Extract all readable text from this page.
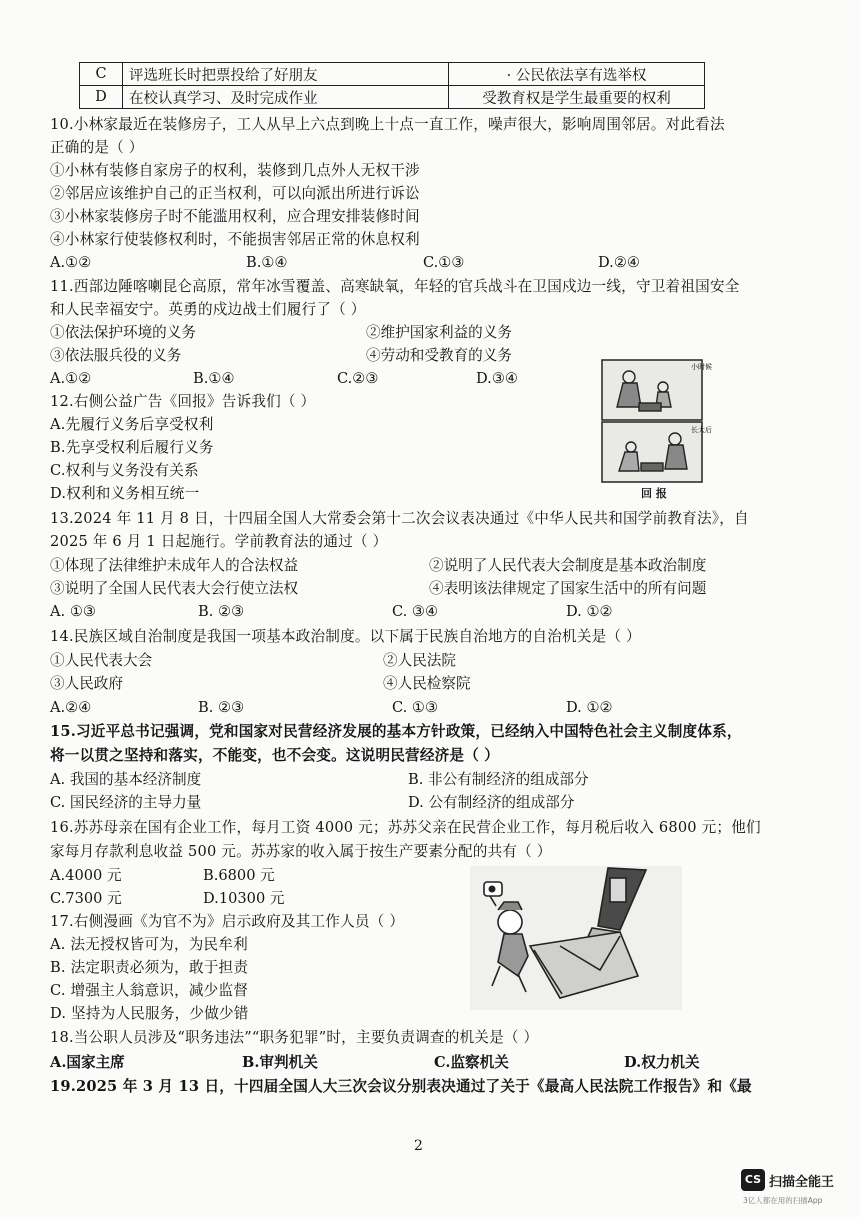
C	评选班长时把票投给了好朋友	· 公民依法享有选举权
D	在校认真学习、及时完成作业	受教育权是学生最重要的权利
10.小林家最近在装修房子，工人从早上六点到晚上十点一直工作，噪声很大，影响周围邻居。对此看法
正确的是（ ）
①小林有装修自家房子的权利，装修到几点外人无权干涉
②邻居应该维护自己的正当权利，可以向派出所进行诉讼
③小林家装修房子时不能滥用权利，应合理安排装修时间
④小林家行使装修权利时，不能损害邻居正常的休息权利
A.①②	B.①④	C.①③	D.②④
11.西部边陲喀喇昆仑高原，常年冰雪覆盖、高寒缺氧，年轻的官兵战斗在卫国戍边一线，守卫着祖国安全
和人民幸福安宁。英勇的戍边战士们履行了（ ）
①依法保护环境的义务	②维护国家利益的义务
③依法服兵役的义务	④劳动和受教育的义务
A.①②	B.①④	C.②③	D.③④
12.右侧公益广告《回报》告诉我们（ ）
A.先履行义务后享受权利
B.先享受权利后履行义务
C.权利与义务没有关系
D.权利和义务相互统一
小时候
长大后
回 报
13.2024 年 11 月 8 日，十四届全国人大常委会第十二次会议表决通过《中华人民共和国学前教育法》，自
2025 年 6 月 1 日起施行。学前教育法的通过（ ）
①体现了法律维护未成年人的合法权益	②说明了人民代表大会制度是基本政治制度
③说明了全国人民代表大会行使立法权	④表明该法律规定了国家生活中的所有问题
A. ①③	B. ②③	C. ③④	D. ①②
14.民族区域自治制度是我国一项基本政治制度。以下属于民族自治地方的自治机关是（ ）
①人民代表大会	②人民法院
③人民政府	④人民检察院
A.②④	B. ②③	C. ①③	D. ①②
15.习近平总书记强调，党和国家对民营经济发展的基本方针政策，已经纳入中国特色社会主义制度体系，
将一以贯之坚持和落实，不能变，也不会变。这说明民营经济是（ ）
A. 我国的基本经济制度	B. 非公有制经济的组成部分
C. 国民经济的主导力量	D. 公有制经济的组成部分
16.苏苏母亲在国有企业工作，每月工资 4000 元；苏苏父亲在民营企业工作，每月税后收入 6800 元；他们
家每月存款利息收益 500 元。苏苏家的收入属于按生产要素分配的共有（ ）
A.4000 元	B.6800 元
C.7300 元	D.10300 元
17.右侧漫画《为官不为》启示政府及其工作人员（ ）
A. 法无授权皆可为，为民牟利
B. 法定职责必须为，敢于担责
C. 增强主人翁意识，减少监督
D. 坚持为人民服务，少做少错
18.当公职人员涉及“职务违法”“职务犯罪”时，主要负责调查的机关是（ ）
A.国家主席	B.审判机关	C.监察机关	D.权力机关
19.2025 年 3 月 13 日，十四届全国人大三次会议分别表决通过了关于《最高人民法院工作报告》和《最
2
CS 扫描全能王
3亿人都在用的扫描App
